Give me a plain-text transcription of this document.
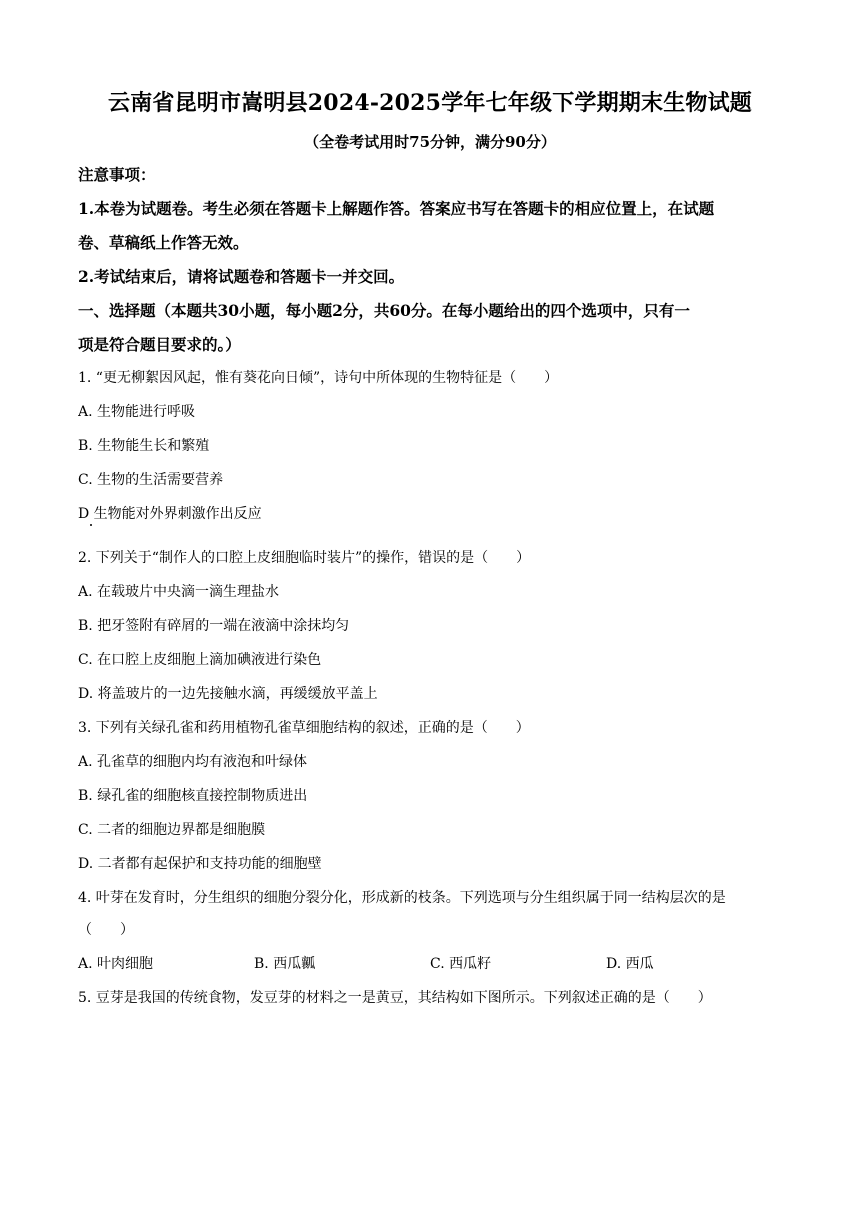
云南省昆明市嵩明县2024-2025学年七年级下学期期末生物试题
（全卷考试用时75分钟，满分90分）
注意事项：
1.本卷为试题卷。考生必须在答题卡上解题作答。答案应书写在答题卡的相应位置上，在试题
卷、草稿纸上作答无效。
2.考试结束后，请将试题卷和答题卡一并交回。
一、选择题（本题共30小题，每小题2分，共60分。在每小题给出的四个选项中，只有一
项是符合题目要求的。）
1. “更无柳絮因风起，惟有葵花向日倾”，诗句中所体现的生物特征是（　　）
A. 生物能进行呼吸
B. 生物能生长和繁殖
C. 生物的生活需要营养
D 生物能对外界刺激作出反应
2. 下列关于“制作人的口腔上皮细胞临时装片”的操作，错误的是（　　）
A. 在载玻片中央滴一滴生理盐水
B. 把牙签附有碎屑的一端在液滴中涂抹均匀
C. 在口腔上皮细胞上滴加碘液进行染色
D. 将盖玻片的一边先接触水滴，再缓缓放平盖上
3. 下列有关绿孔雀和药用植物孔雀草细胞结构的叙述，正确的是（　　）
A. 孔雀草的细胞内均有液泡和叶绿体
B. 绿孔雀的细胞核直接控制物质进出
C. 二者的细胞边界都是细胞膜
D. 二者都有起保护和支持功能的细胞壁
4. 叶芽在发育时，分生组织的细胞分裂分化，形成新的枝条。下列选项与分生组织属于同一结构层次的是
（　　）
A. 叶肉细胞	B. 西瓜瓤	C. 西瓜籽	D. 西瓜
5. 豆芽是我国的传统食物，发豆芽的材料之一是黄豆，其结构如下图所示。下列叙述正确的是（　　）
